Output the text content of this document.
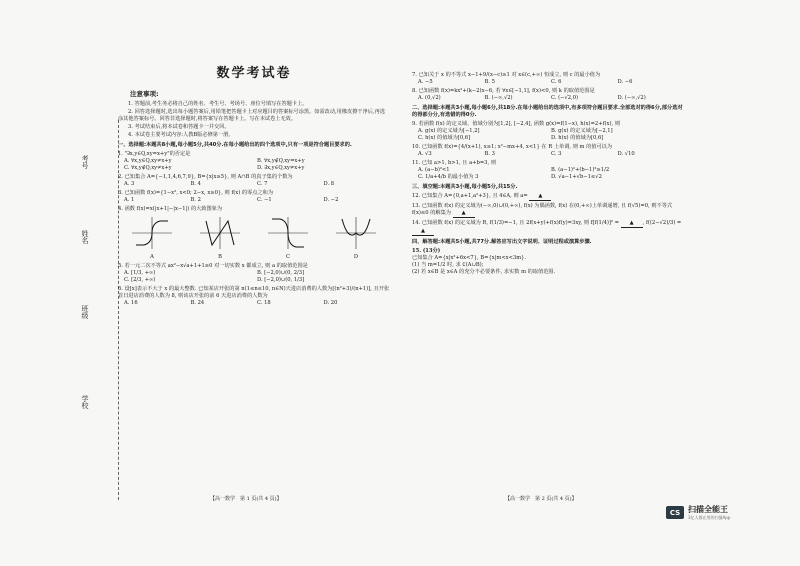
考号
姓名
班级
学校
数学考试卷
注意事项:

1. 答题前,考生务必将自己的姓名、考生号、考场号、座位号填写在答题卡上。

2. 回答选择题时,选出每小题答案后,用铅笔把答题卡上对应题目的答案标号涂黑。如需改动,用橡皮擦干净后,再选涂其他答案标号。回答非选择题时,将答案写在答题卡上。写在本试卷上无效。

3. 考试结束后,将本试卷和答题卡一并交回。

4. 本试卷主要考试内容:人教B版必修第一册。

一、选择题:本题共8小题,每小题5分,共40分.在每小题给出的四个选项中,只有一项是符合题目要求的.
1. "∃x,y∈Q,xy=x+y"的否定是
A. ∀x,y∈Q,xy≠x+y	B. ∀x,y∉Q,xy=x+y
C. ∀x,y∉Q,xy≠x+y	D. ∃x,y∈Q,xy≠x+y
2. 已知集合 A={−1,1,4,6,7,9}, B={x|x≥5}, 则 A∩B 的真子集的个数为
A. 3	B. 4	C. 7	D. 8
3. 已知函数 f(x)={1−x², x<0; 2−x, x≥0}, 则 f(x) 的零点之和为
A. 1	B. 2	C. −1	D. −2
4. 函数 f(x)=x(|x+1|−|x−1|) 的大致图象为
A	B	C	D
5. 若一元二次不等式 ax²−x√a+1+1≥0 对一切实数 x 都成立, 则 a 的取值范围是
A. [1/3, +∞)	B. [−2,0)∪(0, 2/3]
C. [2/3, +∞)	D. [−2,0)∪(0, 1/3]
6. 设[x]表示不大于 x 的最大整数. 已知某店开张的第 n(1≤n≤10, n∈N)天进店消费的人数为[(n²+3)/(n+1)], 且开张首日进店消费的人数为 8, 则该店开张的前 6 天进店消费的人数为
A. 16	B. 24	C. 18	D. 20
【高一数学　第 1 页(共 4 页)】
7. 已知关于 x 的不等式 x−1+9/(x−c)≥1 对 x∈(c,+∞) 恒成立, 则 c 的最小值为
A. −5	B. 5	C. 6	D. −6
8. 已知函数 f(x)=kx²+(k−2)x−6, 若 ∀x∈[−1,1], f(x)<0, 则 k 的取值范围是
A. (0,√2)	B. (−∞,√2)	C. (−√2,0)	D. (−∞,√2)
二、选择题:本题共3小题,每小题6分,共18分.在每小题给出的选项中,有多项符合题目要求.全部选对的得6分,部分选对的得部分分,有选错的得0分.
9. 若函数 f(x) 的定义域、值域分别为[1,2], [−2,4], 函数 g(x)=f(1−x), h(x)=2+f(x), 则
A. g(x) 的定义域为[−1,2]	B. g(x) 的定义域为[−2,1]
C. h(x) 的值域为[0,6]	D. h(x) 的值域为[0,6]
10. 已知函数 f(x)={4/(x+1), x≥1; x²−mx+4, x<1} 在 R 上单调, 则 m 的值可以为
A. √3	B. 3	C. 3	D. √10
11. 已知 a>1, b>1, 且 a+b=3, 则
A. (a−b)²<1	B. (a−1)²+(b−1)²≥1/2
C. 1/a+4/b 的最小值为 3	D. √a−1+√b−1≤√2
三、填空题:本题共3小题,每小题5分,共15分.
12. 已知集合 A={0,a+1,a²+3}, 且 4∈A, 则 a= ▲
13. 已知函数 f(x) 的定义域为(−∞,0)∪(0,+∞), f(x) 为偶函数, f(x) 在(0,+∞)上单调递增, 且 f(√5)=0, 则不等式 f(x)≤0 的解集为 ▲
14. 已知函数 f(x) 的定义域为 R, f(1/3)=−1, 且 2f(x+y)+f(x)f(y)=3xy, 则 f[f(1/4)]² = ▲ , f((2−√2)/3) = ▲
四、解答题:本题共5小题,共77分.解答应写出文字说明、证明过程或演算步骤.
15. (13分)
已知集合 A={x|x²+6x<7}, B={x|m<x<3m}.
(1) 当 m=1/2 时, 求 ∁(A∪B);
(2) 若 x∈B 是 x∈A 的充分不必要条件, 求实数 m 的取值范围.
【高一数学　第 2 页(共 4 页)】
CS 扫描全能王
3亿人都在用的扫描App
